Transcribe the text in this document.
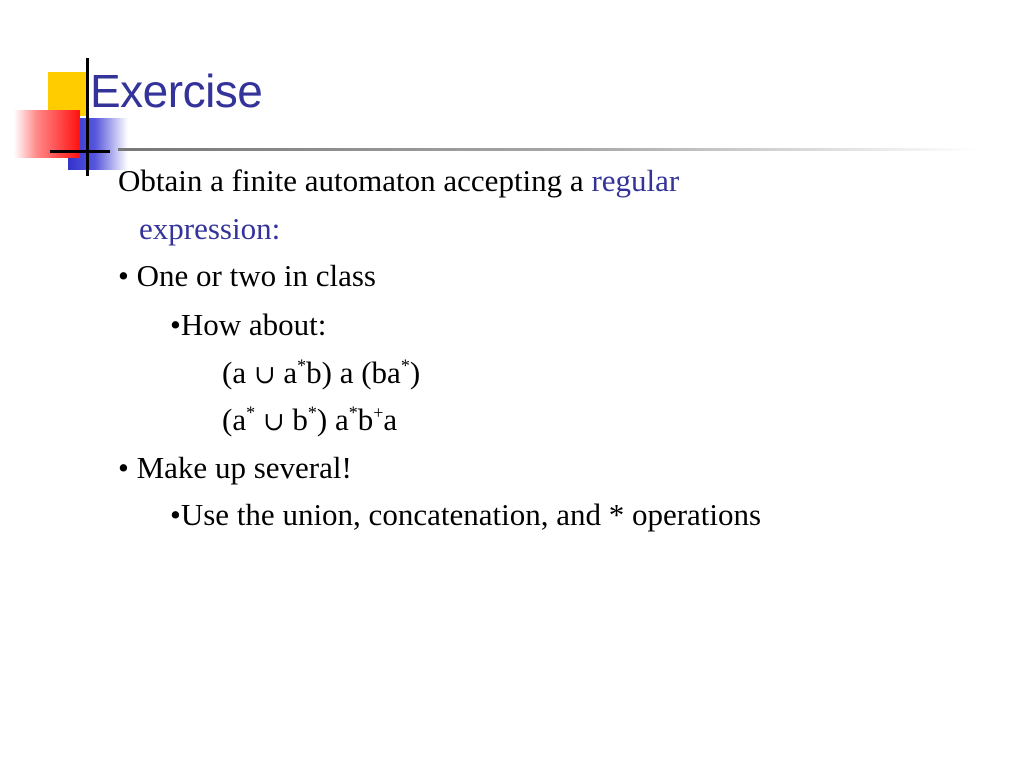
Exercise
Obtain a finite automaton accepting a regular
expression:
• One or two in class
•How about:
(a ∪ a*b) a (ba*)
(a* ∪ b*) a*b+a
• Make up several!
•Use the union, concatenation, and * operations
